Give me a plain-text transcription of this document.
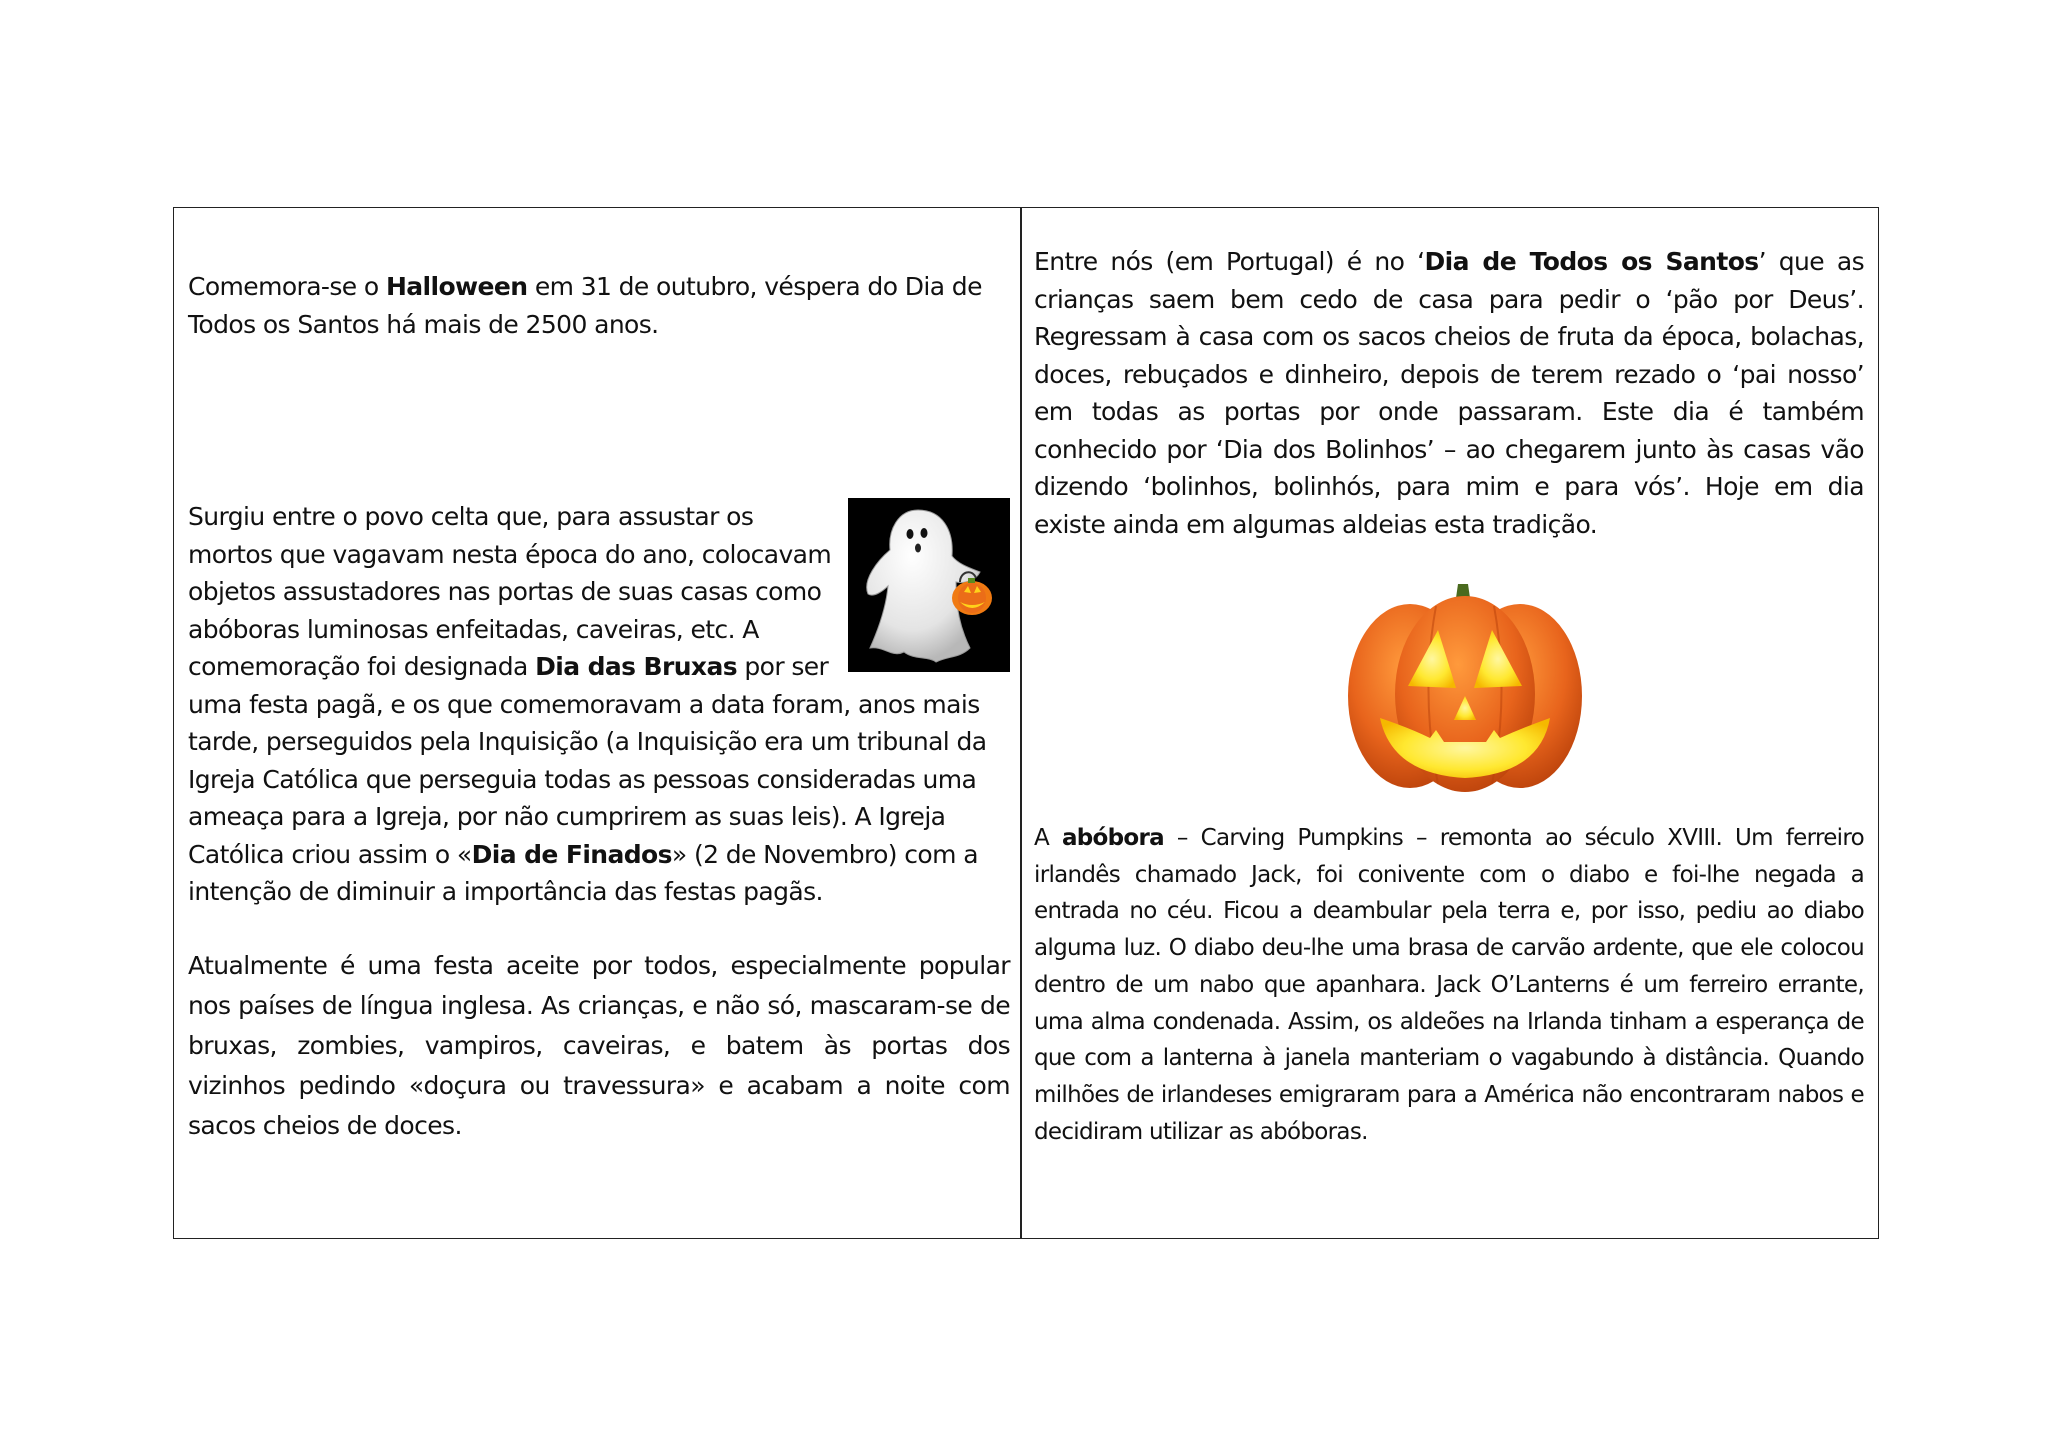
Comemora-se o Halloween em 31 de outubro, véspera do Dia de Todos os Santos há mais de 2500 anos.

Surgiu entre o povo celta que, para assustar os mortos que vagavam nesta época do ano, colocavam objetos assustadores nas portas de suas casas como abóboras luminosas enfeitadas, caveiras, etc. A comemoração foi designada Dia das Bruxas por ser uma festa pagã, e os que comemoravam a data foram, anos mais tarde, perseguidos pela Inquisição (a Inquisição era um tribunal da Igreja Católica que perseguia todas as pessoas consideradas uma ameaça para a Igreja, por não cumprirem as suas leis). A Igreja Católica criou assim o «Dia de Finados» (2 de Novembro) com a intenção de diminuir a importância das festas pagãs.

Atualmente é uma festa aceite por todos, especialmente popular nos países de língua inglesa. As crianças, e não só, mascaram-se de bruxas, zombies, vampiros, caveiras, e batem às portas dos vizinhos pedindo «doçura ou travessura» e acabam a noite com sacos cheios de doces.

Entre nós (em Portugal) é no ‘Dia de Todos os Santos’ que as crianças saem bem cedo de casa para pedir o ‘pão por Deus’. Regressam à casa com os sacos cheios de fruta da época, bolachas, doces, rebuçados e dinheiro, depois de terem rezado o ‘pai nosso’ em todas as portas por onde passaram. Este dia é também conhecido por ‘Dia dos Bolinhos’ – ao chegarem junto às casas vão dizendo ‘bolinhos, bolinhós, para mim e para vós’. Hoje em dia existe ainda em algumas aldeias esta tradição.

A abóbora – Carving Pumpkins – remonta ao século XVIII. Um ferreiro irlandês chamado Jack, foi conivente com o diabo e foi-lhe negada a entrada no céu. Ficou a deambular pela terra e, por isso, pediu ao diabo alguma luz. O diabo deu-lhe uma brasa de carvão ardente, que ele colocou dentro de um nabo que apanhara. Jack O’Lanterns é um ferreiro errante, uma alma condenada. Assim, os aldeões na Irlanda tinham a esperança de que com a lanterna à janela manteriam o vagabundo à distância. Quando milhões de irlandeses emigraram para a América não encontraram nabos e decidiram utilizar as abóboras.
